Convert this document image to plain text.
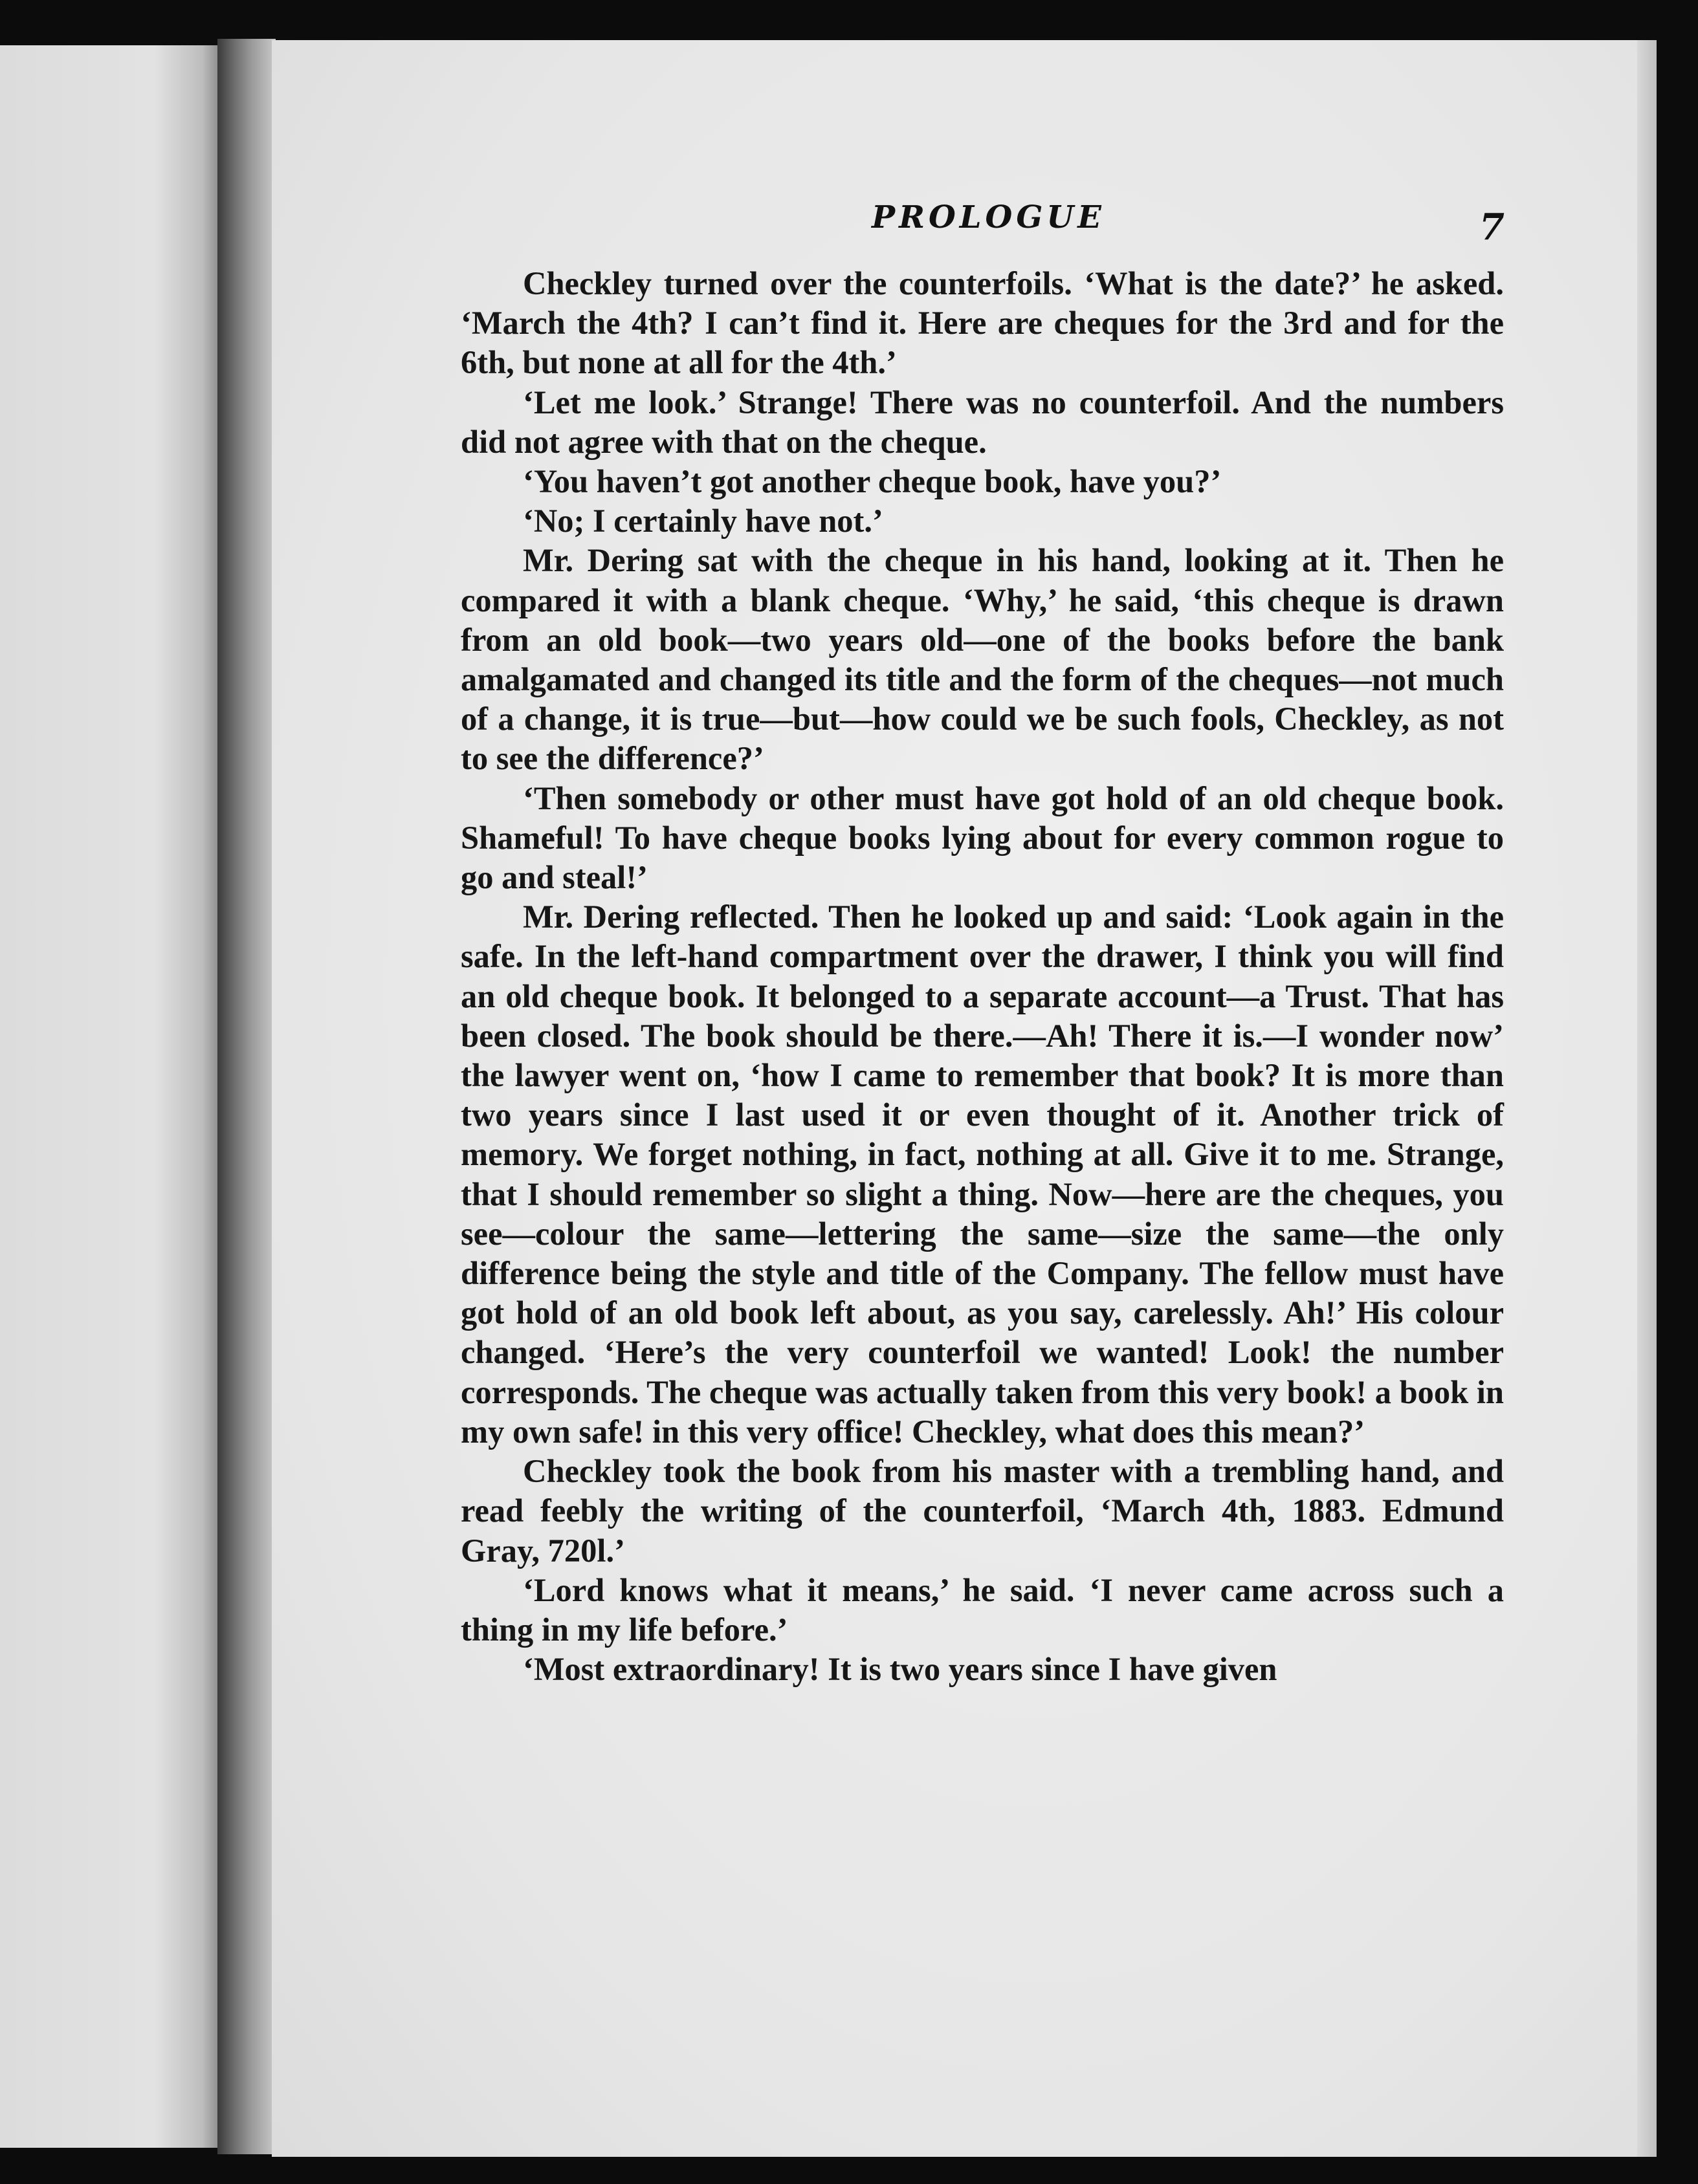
PROLOGUE	7

Checkley turned over the counterfoils. ‘What is the date?’ he asked. ‘March the 4th? I can’t find it. Here are cheques for the 3rd and for the 6th, but none at all for the 4th.’

‘Let me look.’ Strange! There was no counterfoil. And the numbers did not agree with that on the cheque.

‘You haven’t got another cheque book, have you?’

‘No; I certainly have not.’

Mr. Dering sat with the cheque in his hand, looking at it. Then he compared it with a blank cheque. ‘Why,’ he said, ‘this cheque is drawn from an old book—two years old—one of the books before the bank amalgamated and changed its title and the form of the cheques—not much of a change, it is true—but—how could we be such fools, Checkley, as not to see the difference?’

‘Then somebody or other must have got hold of an old cheque book. Shameful! To have cheque books lying about for every common rogue to go and steal!’

Mr. Dering reflected. Then he looked up and said: ‘Look again in the safe. In the left-hand compartment over the drawer, I think you will find an old cheque book. It belonged to a separate account—a Trust. That has been closed. The book should be there.—Ah! There it is.—I wonder now’ the lawyer went on, ‘how I came to remember that book? It is more than two years since I last used it or even thought of it. Another trick of memory. We forget nothing, in fact, nothing at all. Give it to me. Strange, that I should remember so slight a thing. Now—here are the cheques, you see—colour the same—lettering the same—size the same—the only difference being the style and title of the Company. The fellow must have got hold of an old book left about, as you say, carelessly. Ah!’ His colour changed. ‘Here’s the very counterfoil we wanted! Look! the number corresponds. The cheque was actually taken from this very book! a book in my own safe! in this very office! Checkley, what does this mean?’

Checkley took the book from his master with a trembling hand, and read feebly the writing of the counterfoil, ‘March 4th, 1883. Edmund Gray, 720l.’

‘Lord knows what it means,’ he said. ‘I never came across such a thing in my life before.’

‘Most extraordinary! It is two years since I have given
